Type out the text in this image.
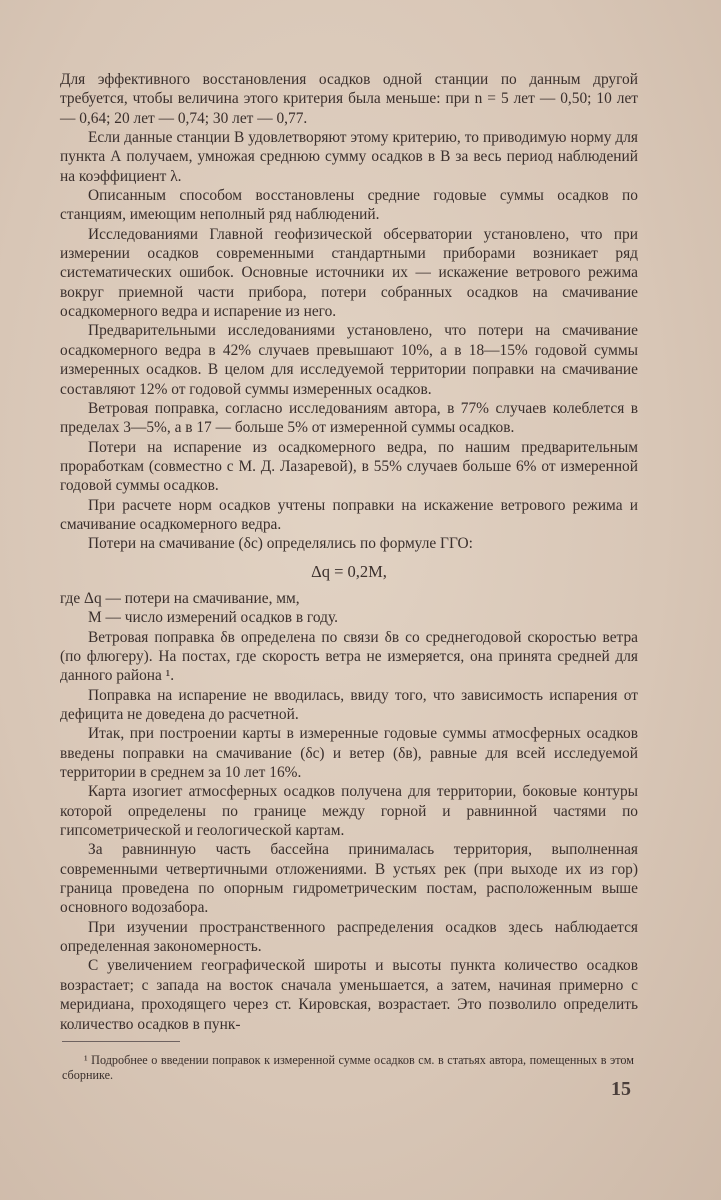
Для эффективного восстановления осадков одной станции по данным другой требуется, чтобы величина этого критерия была меньше: при n = 5 лет — 0,50; 10 лет — 0,64; 20 лет — 0,74; 30 лет — 0,77.

Если данные станции В удовлетворяют этому критерию, то приводимую норму для пункта А получаем, умножая среднюю сумму осадков в В за весь период наблюдений на коэффициент λ.

Описанным способом восстановлены средние годовые суммы осадков по станциям, имеющим неполный ряд наблюдений.

Исследованиями Главной геофизической обсерватории установлено, что при измерении осадков современными стандартными приборами возникает ряд систематических ошибок. Основные источники их — искажение ветрового режима вокруг приемной части прибора, потери собранных осадков на смачивание осадкомерного ведра и испарение из него.

Предварительными исследованиями установлено, что потери на смачивание осадкомерного ведра в 42% случаев превышают 10%, а в 18—15% годовой суммы измеренных осадков. В целом для исследуемой территории поправки на смачивание составляют 12% от годовой суммы измеренных осадков.

Ветровая поправка, согласно исследованиям автора, в 77% случаев колеблется в пределах 3—5%, а в 17 — больше 5% от измеренной суммы осадков.

Потери на испарение из осадкомерного ведра, по нашим предварительным проработкам (совместно с М. Д. Лазаревой), в 55% случаев больше 6% от измеренной годовой суммы осадков.

При расчете норм осадков учтены поправки на искажение ветрового режима и смачивание осадкомерного ведра.

Потери на смачивание (δс) определялись по формуле ГГО:

Δq = 0,2M,

где Δq — потери на смачивание, мм,

M — число измерений осадков в году.

Ветровая поправка δв определена по связи δв со среднегодовой скоростью ветра (по флюгеру). На постах, где скорость ветра не измеряется, она принята средней для данного района ¹.

Поправка на испарение не вводилась, ввиду того, что зависимость испарения от дефицита не доведена до расчетной.

Итак, при построении карты в измеренные годовые суммы атмосферных осадков введены поправки на смачивание (δс) и ветер (δв), равные для всей исследуемой территории в среднем за 10 лет 16%.

Карта изогиет атмосферных осадков получена для территории, боковые контуры которой определены по границе между горной и равнинной частями по гипсометрической и геологической картам.

За равнинную часть бассейна принималась территория, выполненная современными четвертичными отложениями. В устьях рек (при выходе их из гор) граница проведена по опорным гидрометрическим постам, расположенным выше основного водозабора.

При изучении пространственного распределения осадков здесь наблюдается определенная закономерность.

С увеличением географической широты и высоты пункта количество осадков возрастает; с запада на восток сначала уменьшается, а затем, начиная примерно с меридиана, проходящего через ст. Кировская, возрастает. Это позволило определить количество осадков в пунк-

¹ Подробнее о введении поправок к измеренной сумме осадков см. в статьях автора, помещенных в этом сборнике.

15
